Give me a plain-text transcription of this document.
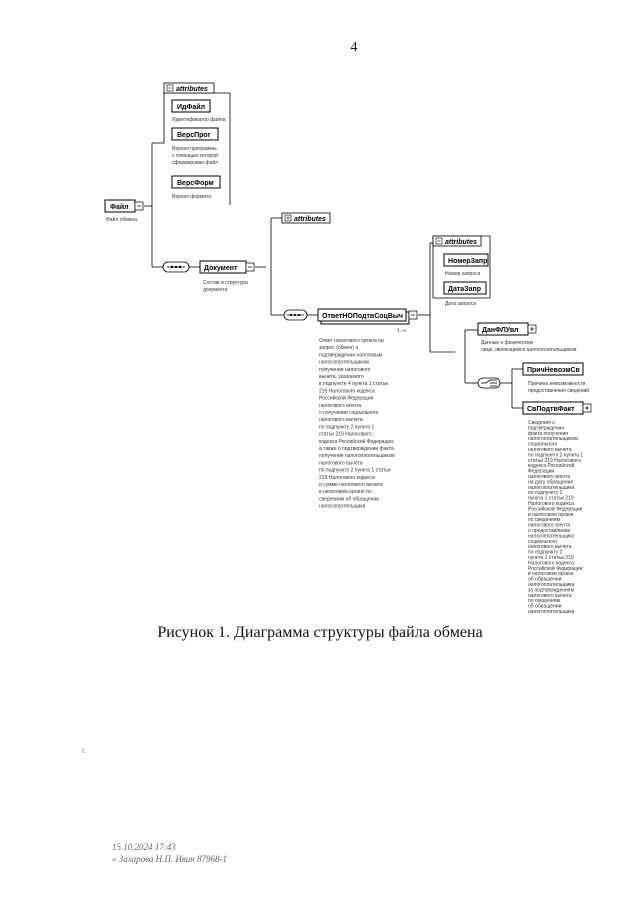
4
attributes
ИдФайл
Идентификатор файла
ВерсПрог
Версия программы,
с помощью которой
сформирован файл
ВерсФорм
Версия формата
Файл
Файл обмена
Документ
Состав и структура
документа
attributes
ОтветНОПодтвСоцВыч
1..∞
Ответ налогового органа на
запрос (обмен) о
подтверждении налоговым
налогоплательщиком
получения налогового
вычета, указанного
в подпункте 4 пункта 1 статьи
219 Налогового кодекса
Российской Федерации
налогового агента
о получении социального
налогового вычета
по подпункту 2 пункта 1
статьи 219 Налогового
кодекса Российской Федерации,
а также о подтверждении факта
получения налогоплательщиком
налогового вычета
по подпункту 2 пункта 1 статьи
219 Налогового кодекса
и сумме налогового вычета
в налоговом органе по
сведениям об обращении
налогоплательщика
attributes
НомерЗапр
Номер запроса
ДатаЗапр
Дата запроса
ДанФЛУвл
Данные о физическом
лице, являющемся налогоплательщиком
ПричНевозмСв
Причина невозможности
предоставления сведений
СвПодтвФакт
Сведения о
подтверждении
факта получения
налогоплательщиком
социального
налогового вычета
по подпункту 2 пункта 1
статьи 219 Налогового
кодекса Российской
Федерации
налогового агента
на дату обращения
налогоплательщика
по подпункту 2
пункта 1 статьи 219
Налогового кодекса
Российской Федерации
в налоговом органе
по сведениям
налогового агента
о предоставлении
налогоплательщику
социального
налогового вычета
по подпункту 2
пункта 1 статьи 219
Налогового кодекса
Российской Федерации
в налоговом органе
об обращении
налогоплательщика
за подтверждением
налогового вычета
по сведениям
об обращении
налогоплательщика
Рисунок 1. Диаграмма структуры файла обмена
г.
15.10.2024 17:43
« Захарова Н.П. Иван 87968-1
